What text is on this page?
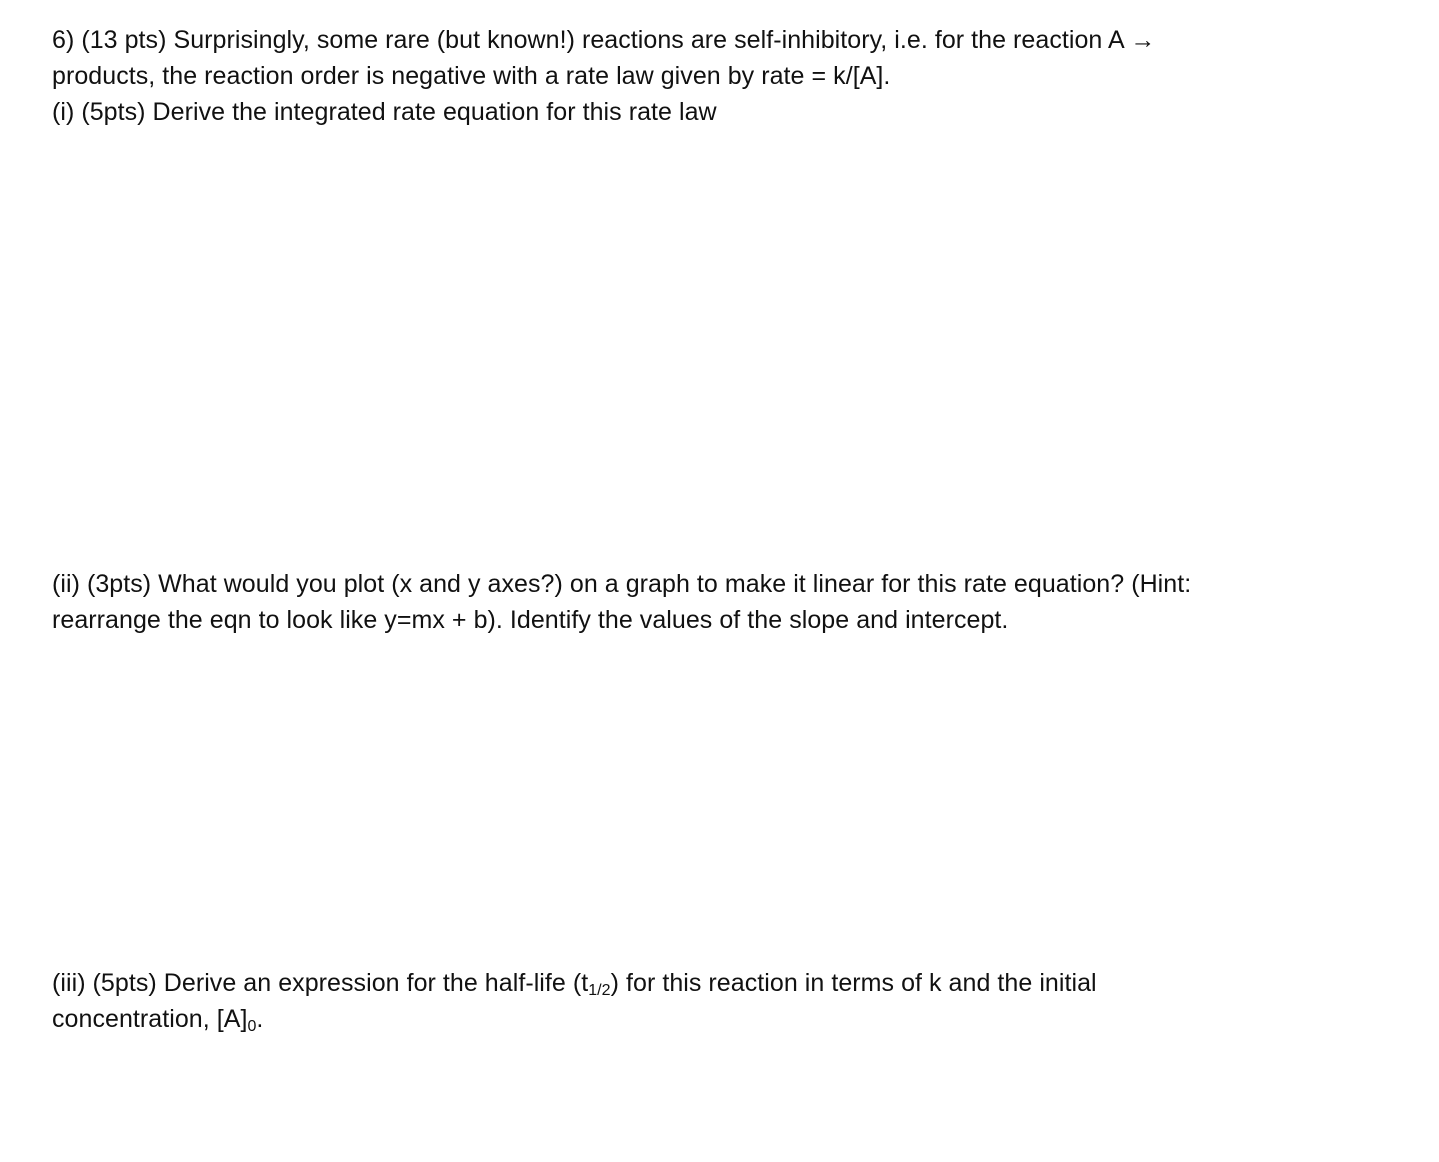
6) (13 pts) Surprisingly, some rare (but known!) reactions are self-inhibitory, i.e. for the reaction A →
products, the reaction order is negative with a rate law given by rate = k/[A].
(i) (5pts) Derive the integrated rate equation for this rate law
(ii) (3pts) What would you plot (x and y axes?) on a graph to make it linear for this rate equation? (Hint:
rearrange the eqn to look like y=mx + b). Identify the values of the slope and intercept.
(iii) (5pts) Derive an expression for the half-life $(t_{1/2})$ for this reaction in terms of k and the initial
concentration, $[A]_0$.
